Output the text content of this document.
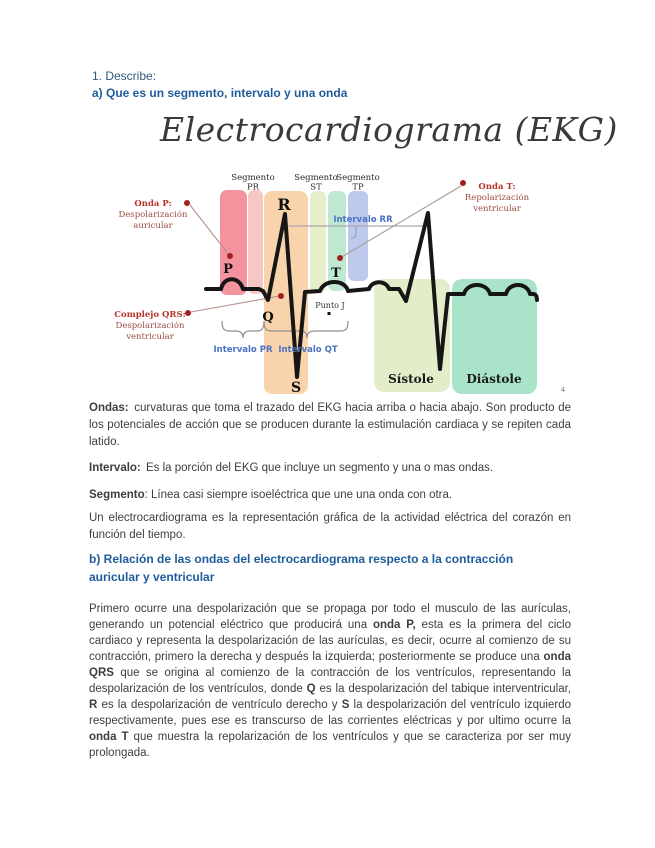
1. Describe:
a) Que es un segmento, intervalo y una onda
Electrocardiograma (EKG)
Segmento
PR
Segmento
ST
Segmento
TP
Onda P:
Despolarización
auricular
Complejo QRS:
Despolarización
ventricular
Onda T:
Repolarización
ventricular
Intervalo RR
Intervalo PR Intervalo QT
Punto J
P
R
Q
S
T
Sístole	Diástole
4

Ondas: curvaturas que toma el trazado del EKG hacia arriba o hacia abajo. Son producto de los potenciales de acción que se producen durante la estimulación cardiaca y se repiten cada latido.

Intervalo: Es la porción del EKG que incluye un segmento y una o mas ondas.

Segmento: Línea casi siempre isoeléctrica que une una onda con otra.

Un electrocardiograma es la representación gráfica de la actividad eléctrica del corazón en función del tiempo.

b) Relación de las ondas del electrocardiograma respecto a la contracción auricular y ventricular

Primero ocurre una despolarización que se propaga por todo el musculo de las aurículas, generando un potencial eléctrico que producirá una onda P, esta es la primera del ciclo cardiaco y representa la despolarización de las aurículas, es decir, ocurre al comienzo de su contracción, primero la derecha y después la izquierda; posteriormente se produce una onda QRS que se origina al comienzo de la contracción de los ventrículos, representando la despolarización de los ventrículos, donde Q es la despolarización del tabique interventricular, R es la despolarización de ventrículo derecho y S la despolarización del ventrículo izquierdo respectivamente, pues ese es transcurso de las corrientes eléctricas y por ultimo ocurre la onda T que muestra la repolarización de los ventrículos y que se caracteriza por ser muy prolongada.
